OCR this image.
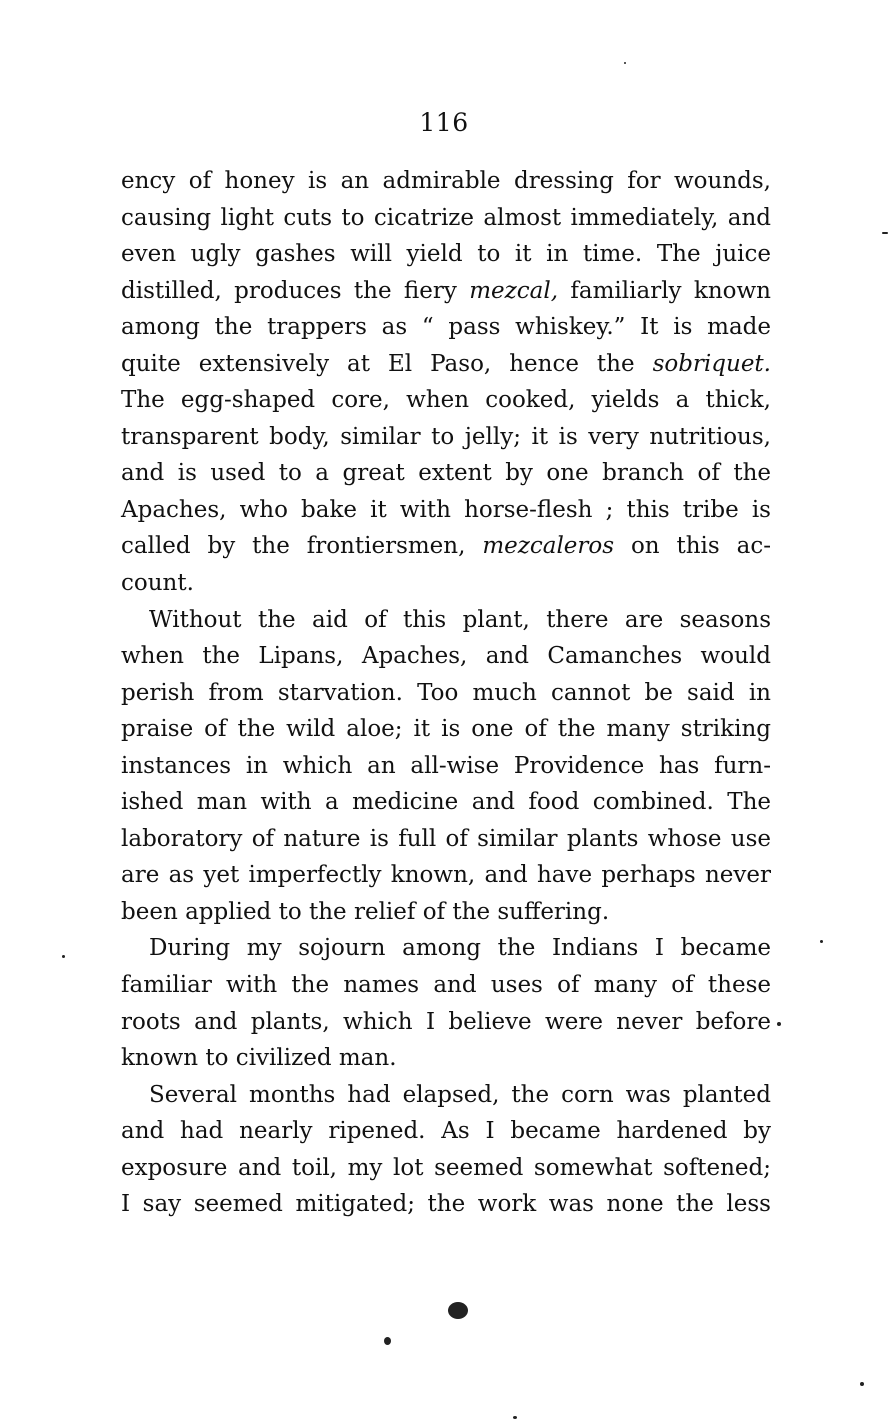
116
ency of honey is an admirable dressing for wounds,
causing light cuts to cicatrize almost immediately, and
even ugly gashes will yield to it in time. The juice
distilled, produces the fiery mezcal, familiarly known
among the trappers as “ pass whiskey.” It is made
quite extensively at El Paso, hence the sobriquet.
The egg-shaped core, when cooked, yields a thick,
transparent body, similar to jelly; it is very nutritious,
and is used to a great extent by one branch of the
Apaches, who bake it with horse-flesh ; this tribe is
called by the frontiersmen, mezcaleros on this ac-
count.
Without the aid of this plant, there are seasons
when the Lipans, Apaches, and Camanches would
perish from starvation. Too much cannot be said in
praise of the wild aloe; it is one of the many striking
instances in which an all-wise Providence has furn-
ished man with a medicine and food combined. The
laboratory of nature is full of similar plants whose use
are as yet imperfectly known, and have perhaps never
been applied to the relief of the suffering.
During my sojourn among the Indians I became
familiar with the names and uses of many of these
roots and plants, which I believe were never before
known to civilized man.
Several months had elapsed, the corn was planted
and had nearly ripened. As I became hardened by
exposure and toil, my lot seemed somewhat softened;
I say seemed mitigated; the work was none the less
